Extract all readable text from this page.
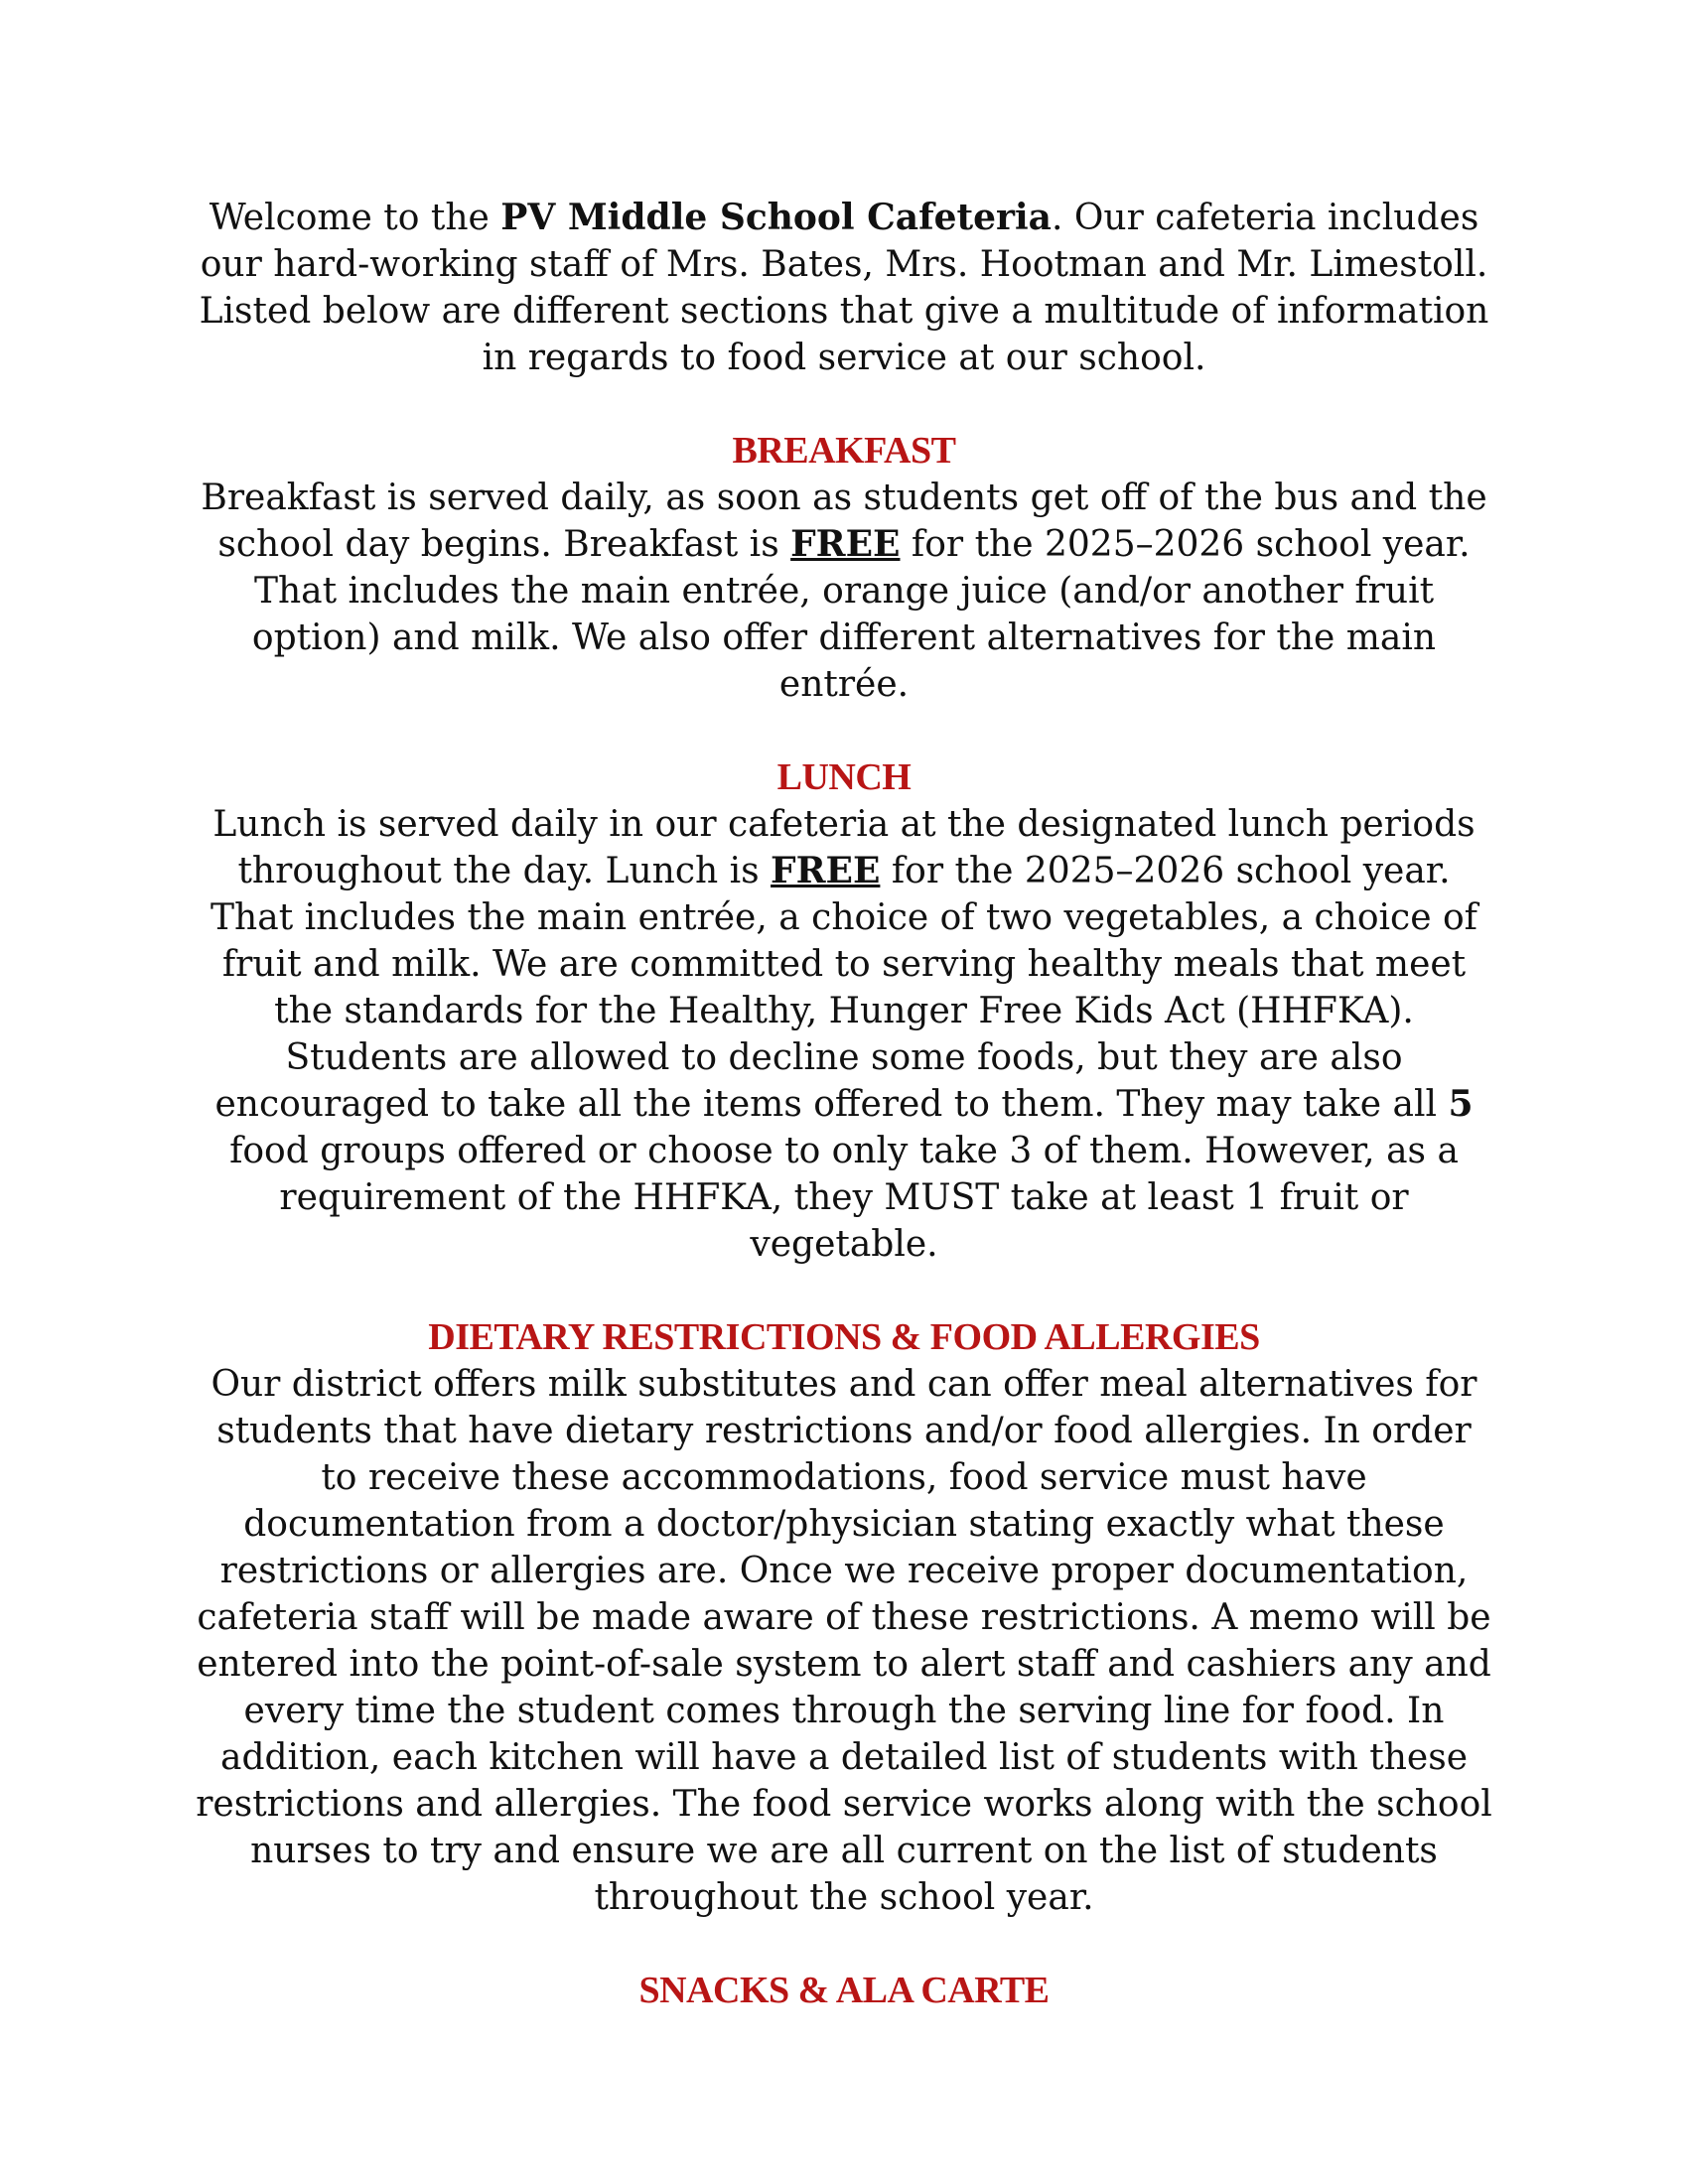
Welcome to the PV Middle School Cafeteria. Our cafeteria includes our hard-working staff of Mrs. Bates, Mrs. Hootman and Mr. Limestoll. Listed below are different sections that give a multitude of information in regards to food service at our school.

BREAKFAST

Breakfast is served daily, as soon as students get off of the bus and the school day begins. Breakfast is FREE for the 2025–2026 school year. That includes the main entrée, orange juice (and/or another fruit option) and milk. We also offer different alternatives for the main entrée.

LUNCH

Lunch is served daily in our cafeteria at the designated lunch periods throughout the day. Lunch is FREE for the 2025–2026 school year. That includes the main entrée, a choice of two vegetables, a choice of fruit and milk. We are committed to serving healthy meals that meet the standards for the Healthy, Hunger Free Kids Act (HHFKA). Students are allowed to decline some foods, but they are also encouraged to take all the items offered to them. They may take all 5 food groups offered or choose to only take 3 of them. However, as a requirement of the HHFKA, they MUST take at least 1 fruit or vegetable.

DIETARY RESTRICTIONS & FOOD ALLERGIES

Our district offers milk substitutes and can offer meal alternatives for students that have dietary restrictions and/or food allergies. In order to receive these accommodations, food service must have documentation from a doctor/physician stating exactly what these restrictions or allergies are. Once we receive proper documentation, cafeteria staff will be made aware of these restrictions. A memo will be entered into the point-of-sale system to alert staff and cashiers any and every time the student comes through the serving line for food. In addition, each kitchen will have a detailed list of students with these restrictions and allergies. The food service works along with the school nurses to try and ensure we are all current on the list of students throughout the school year.

SNACKS & ALA CARTE
